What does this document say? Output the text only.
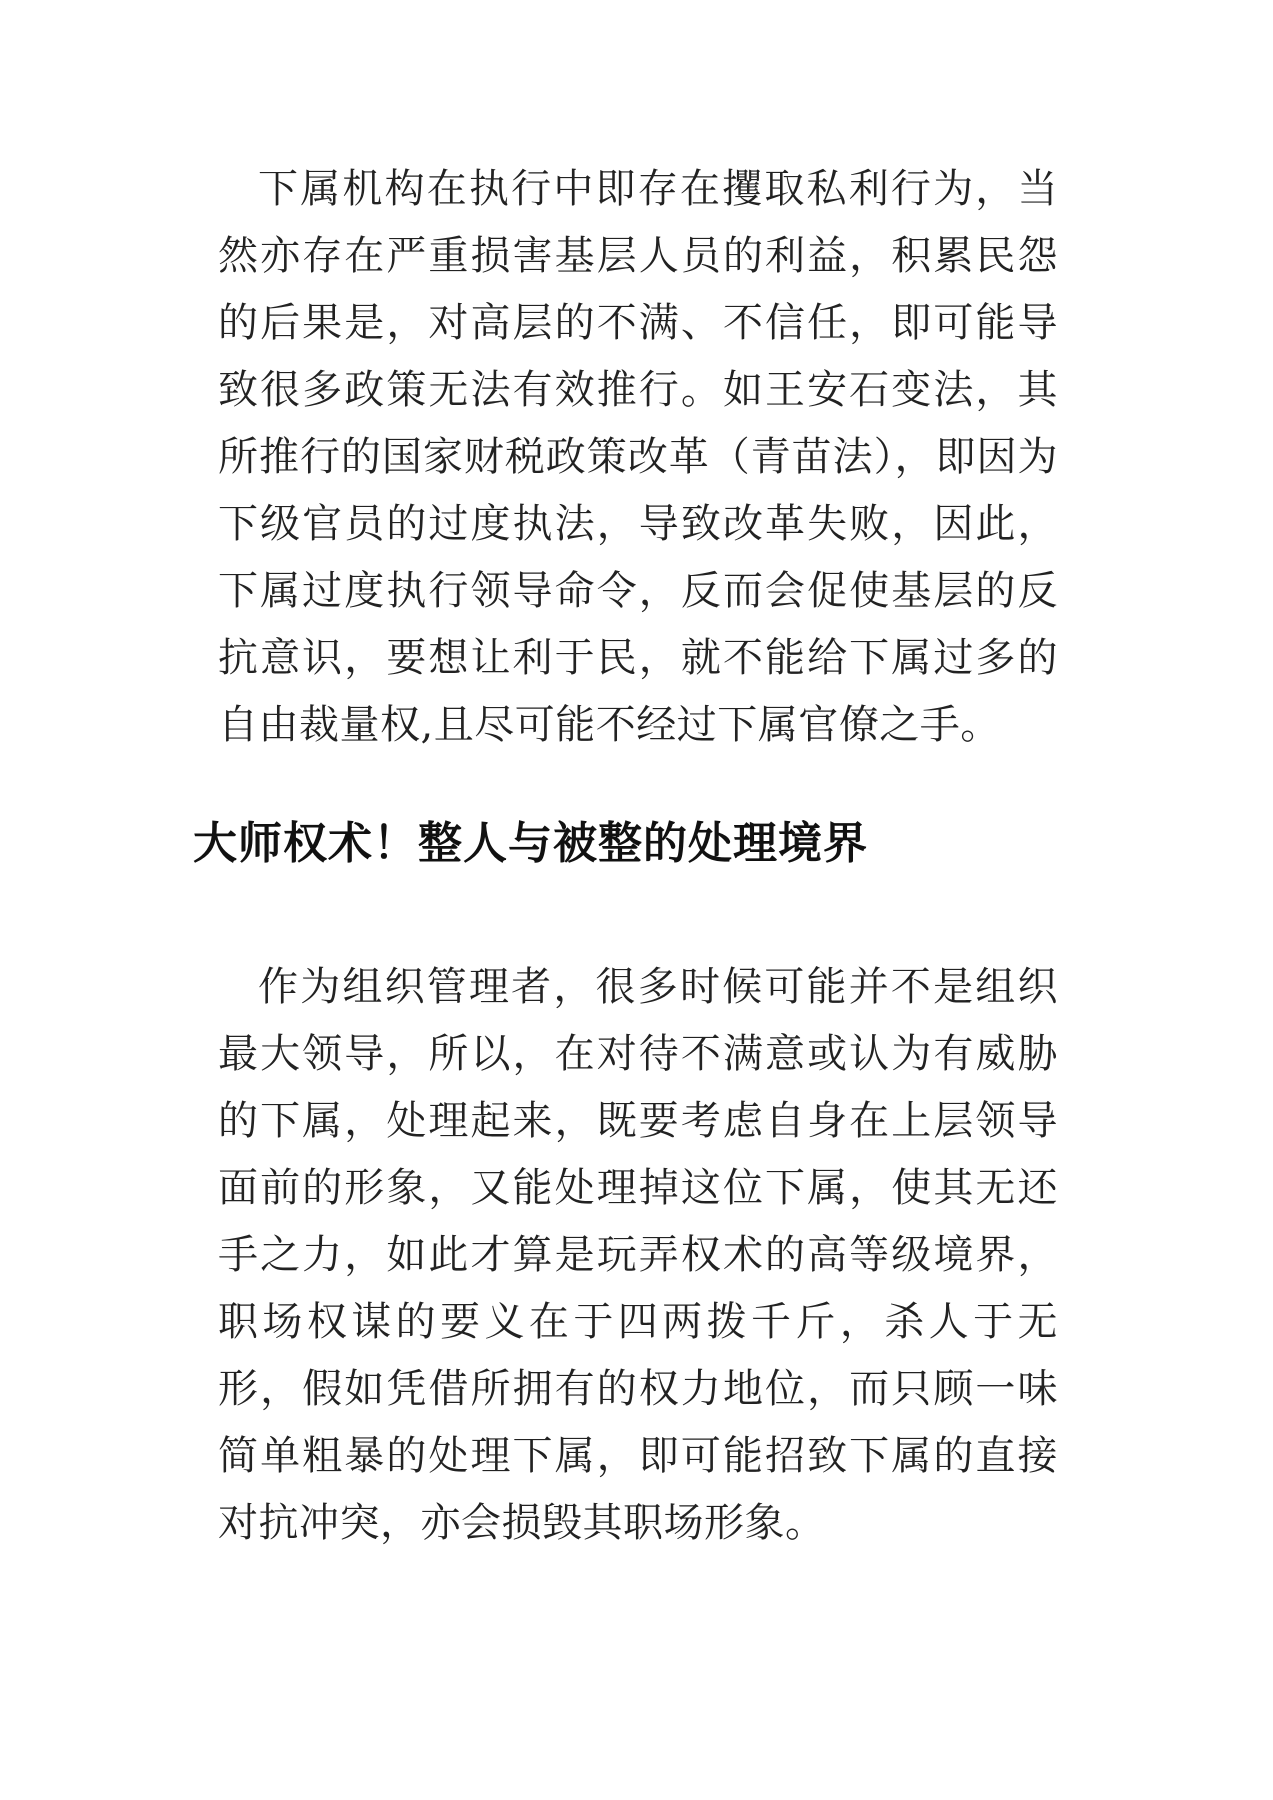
下属机构在执行中即存在攫取私利行为，当然亦存在严重损害基层人员的利益，积累民怨的后果是，对高层的不满、不信任，即可能导致很多政策无法有效推行。如王安石变法，其所推行的国家财税政策改革（青苗法），即因为下级官员的过度执法，导致改革失败，因此，下属过度执行领导命令，反而会促使基层的反抗意识，要想让利于民，就不能给下属过多的自由裁量权,且尽可能不经过下属官僚之手。

大师权术！整人与被整的处理境界

作为组织管理者，很多时候可能并不是组织最大领导，所以，在对待不满意或认为有威胁的下属，处理起来，既要考虑自身在上层领导面前的形象，又能处理掉这位下属，使其无还手之力，如此才算是玩弄权术的高等级境界，职场权谋的要义在于四两拨千斤，杀人于无形，假如凭借所拥有的权力地位，而只顾一味简单粗暴的处理下属，即可能招致下属的直接对抗冲突，亦会损毁其职场形象。
